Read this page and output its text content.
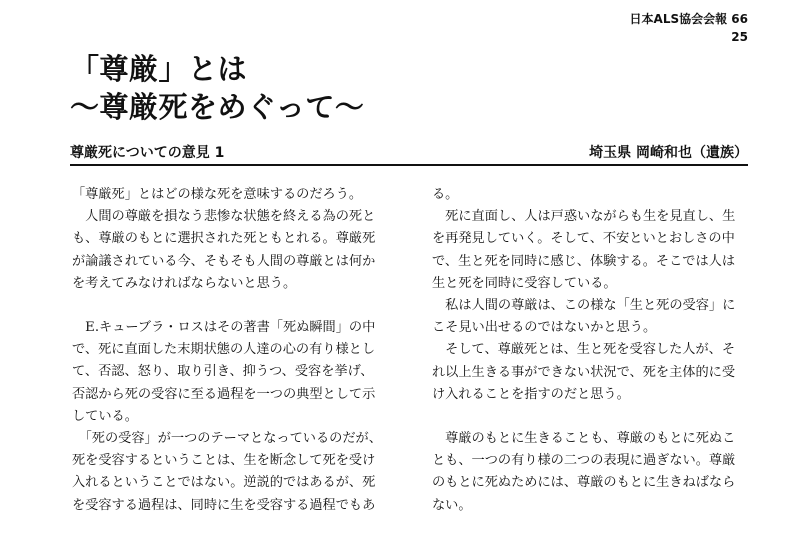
日本ALS協会会報 66
25
「尊厳」とは
〜尊厳死をめぐって〜
尊厳死についての意見 1	埼玉県 岡崎和也（遺族）

「尊厳死」とはどの様な死を意味するのだろう。

　人間の尊厳を損なう悲惨な状態を終える為の死とも、尊厳のもとに選択された死ともとれる。尊厳死が論議されている今、そもそも人間の尊厳とは何かを考えてみなければならないと思う。

　E.キューブラ・ロスはその著書「死ぬ瞬間」の中で、死に直面した末期状態の人達の心の有り様として、否認、怒り、取り引き、抑うつ、受容を挙げ、否認から死の受容に至る過程を一つの典型として示している。

　「死の受容」が一つのテーマとなっているのだが、死を受容するということは、生を断念して死を受け入れるということではない。逆説的ではあるが、死を受容する過程は、同時に生を受容する過程でもあ

る。

　死に直面し、人は戸惑いながらも生を見直し、生を再発見していく。そして、不安といとおしさの中で、生と死を同時に感じ、体験する。そこでは人は生と死を同時に受容している。

　私は人間の尊厳は、この様な「生と死の受容」にこそ見い出せるのではないかと思う。

　そして、尊厳死とは、生と死を受容した人が、それ以上生きる事ができない状況で、死を主体的に受け入れることを指すのだと思う。

　尊厳のもとに生きることも、尊厳のもとに死ぬことも、一つの有り様の二つの表現に過ぎない。尊厳のもとに死ぬためには、尊厳のもとに生きねばならない。
